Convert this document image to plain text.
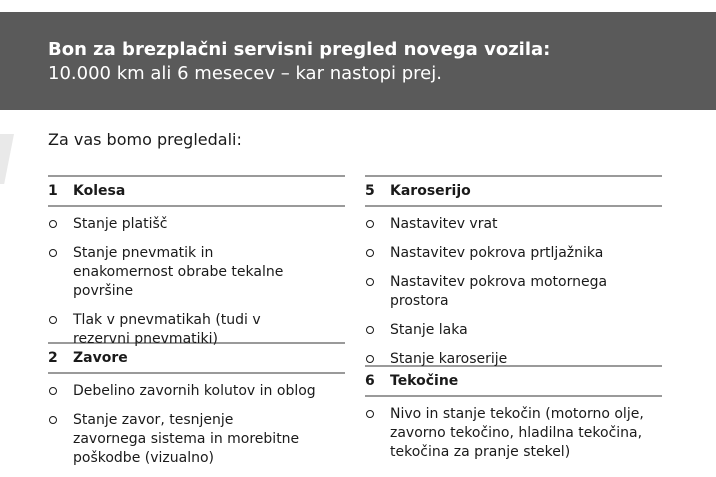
Bon za brezplačni servisni pregled novega vozila:
10.000 km ali 6 mesecev – kar nastopi prej.
Za vas bomo pregledali:
1	Kolesa
Stanje platišč
Stanje pnevmatik in enakomernost obrabe tekalne površine
Tlak v pnevmatikah (tudi v rezervni pnevmatiki)
2	Zavore
Debelino zavornih kolutov in oblog
Stanje zavor, tesnjenje zavornega sistema in morebitne poškodbe (vizualno)
5	Karoserijo
Nastavitev vrat
Nastavitev pokrova prtljažnika
Nastavitev pokrova motornega prostora
Stanje laka
Stanje karoserije
6	Tekočine
Nivo in stanje tekočin (motorno olje, zavorno tekočino, hladilna tekočina, tekočina za pranje stekel)
